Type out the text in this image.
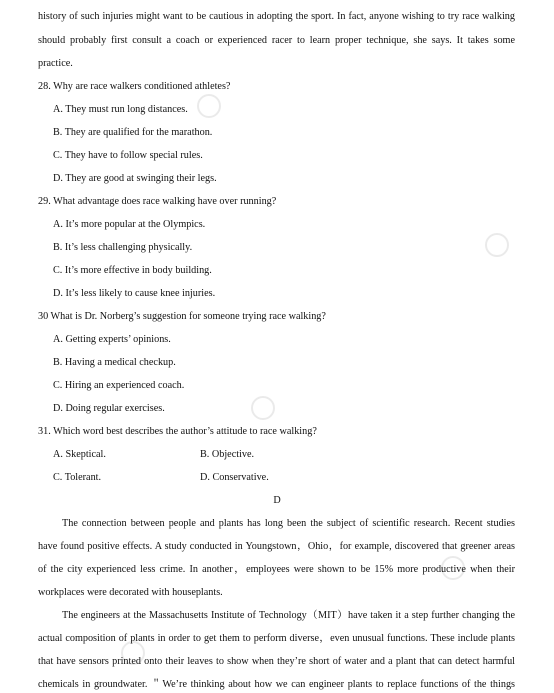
history of such injuries might want to be cautious in adopting the sport. In fact, anyone wishing to try race walking
should probably first consult a coach or experienced racer to learn proper technique, she says. It takes some
practice.
28. Why are race walkers conditioned athletes?
A. They must run long distances.
B. They are qualified for the marathon.
C. They have to follow special rules.
D. They are good at swinging their legs.
29. What advantage does race walking have over running?
A. It’s more popular at the Olympics.
B. It’s less challenging physically.
C. It’s more effective in body building.
D. It’s less likely to cause knee injuries.
30 What is Dr. Norberg’s suggestion for someone trying race walking?
A. Getting experts’ opinions.
B. Having a medical checkup.
C. Hiring an experienced coach.
D. Doing regular exercises.
31. Which word best describes the author’s attitude to race walking?
A. Skeptical.	B. Objective.
C. Tolerant.	D. Conservative.
D
The connection between people and plants has long been the subject of scientific research. Recent studies
have found positive effects. A study conducted in Youngstown，Ohio，for example, discovered that greener areas
of the city experienced less crime. In another，employees were shown to be 15% more productive when their
workplaces were decorated with houseplants.
The engineers at the Massachusetts Institute of Technology（MIT）have taken it a step further changing the
actual composition of plants in order to get them to perform diverse，even unusual functions. These include plants
that have sensors printed onto their leaves to show when they’re short of water and a plant that can detect harmful
chemicals in groundwater. ＂We’re thinking about how we can engineer plants to replace functions of the things
